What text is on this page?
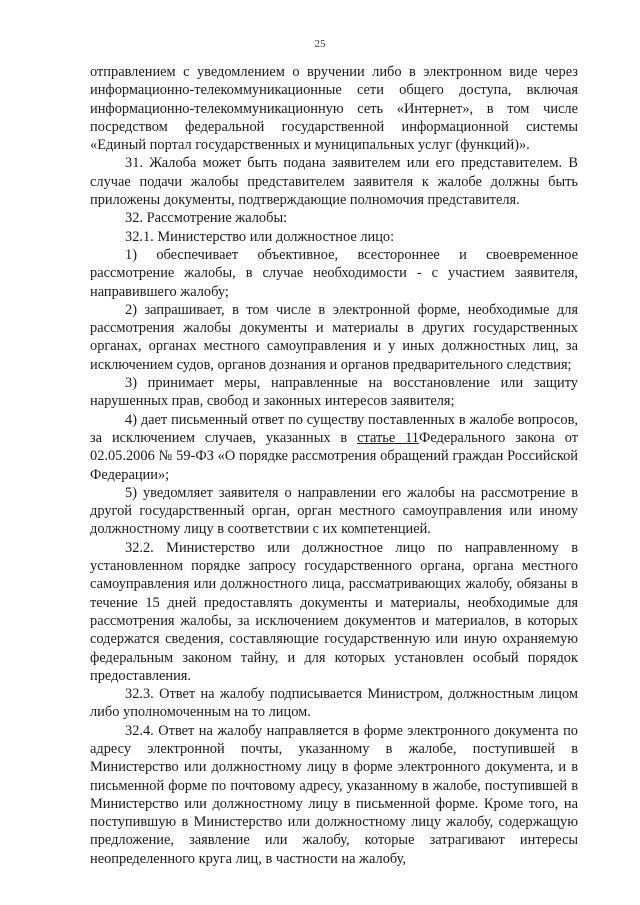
25

отправлением с уведомлением о вручении либо в электронном виде через информационно-телекоммуникационные сети общего доступа, включая информационно-телекоммуникационную сеть «Интернет», в том числе посредством федеральной государственной информационной системы «Единый портал государственных и муниципальных услуг (функций)».

31. Жалоба может быть подана заявителем или его представителем. В случае подачи жалобы представителем заявителя к жалобе должны быть приложены документы, подтверждающие полномочия представителя.

32. Рассмотрение жалобы:

32.1. Министерство или должностное лицо:

1) обеспечивает объективное, всестороннее и своевременное рассмотрение жалобы, в случае необходимости - с участием заявителя, направившего жалобу;

2) запрашивает, в том числе в электронной форме, необходимые для рассмотрения жалобы документы и материалы в других государственных органах, органах местного самоуправления и у иных должностных лиц, за исключением судов, органов дознания и органов предварительного следствия;

3) принимает меры, направленные на восстановление или защиту нарушенных прав, свобод и законных интересов заявителя;

4) дает письменный ответ по существу поставленных в жалобе вопросов, за исключением случаев, указанных в статье 11Федерального закона от 02.05.2006 № 59-ФЗ «О порядке рассмотрения обращений граждан Российской Федерации»;

5) уведомляет заявителя о направлении его жалобы на рассмотрение в другой государственный орган, орган местного самоуправления или иному должностному лицу в соответствии с их компетенцией.

32.2. Министерство или должностное лицо по направленному в установленном порядке запросу государственного органа, органа местного самоуправления или должностного лица, рассматривающих жалобу, обязаны в течение 15 дней предоставлять документы и материалы, необходимые для рассмотрения жалобы, за исключением документов и материалов, в которых содержатся сведения, составляющие государственную или иную охраняемую федеральным законом тайну, и для которых установлен особый порядок предоставления.

32.3. Ответ на жалобу подписывается Министром, должностным лицом либо уполномоченным на то лицом.

32.4. Ответ на жалобу направляется в форме электронного документа по адресу электронной почты, указанному в жалобе, поступившей в Министерство или должностному лицу в форме электронного документа, и в письменной форме по почтовому адресу, указанному в жалобе, поступившей в Министерство или должностному лицу в письменной форме. Кроме того, на поступившую в Министерство или должностному лицу жалобу, содержащую предложение, заявление или жалобу, которые затрагивают интересы неопределенного круга лиц, в частности на жалобу,
